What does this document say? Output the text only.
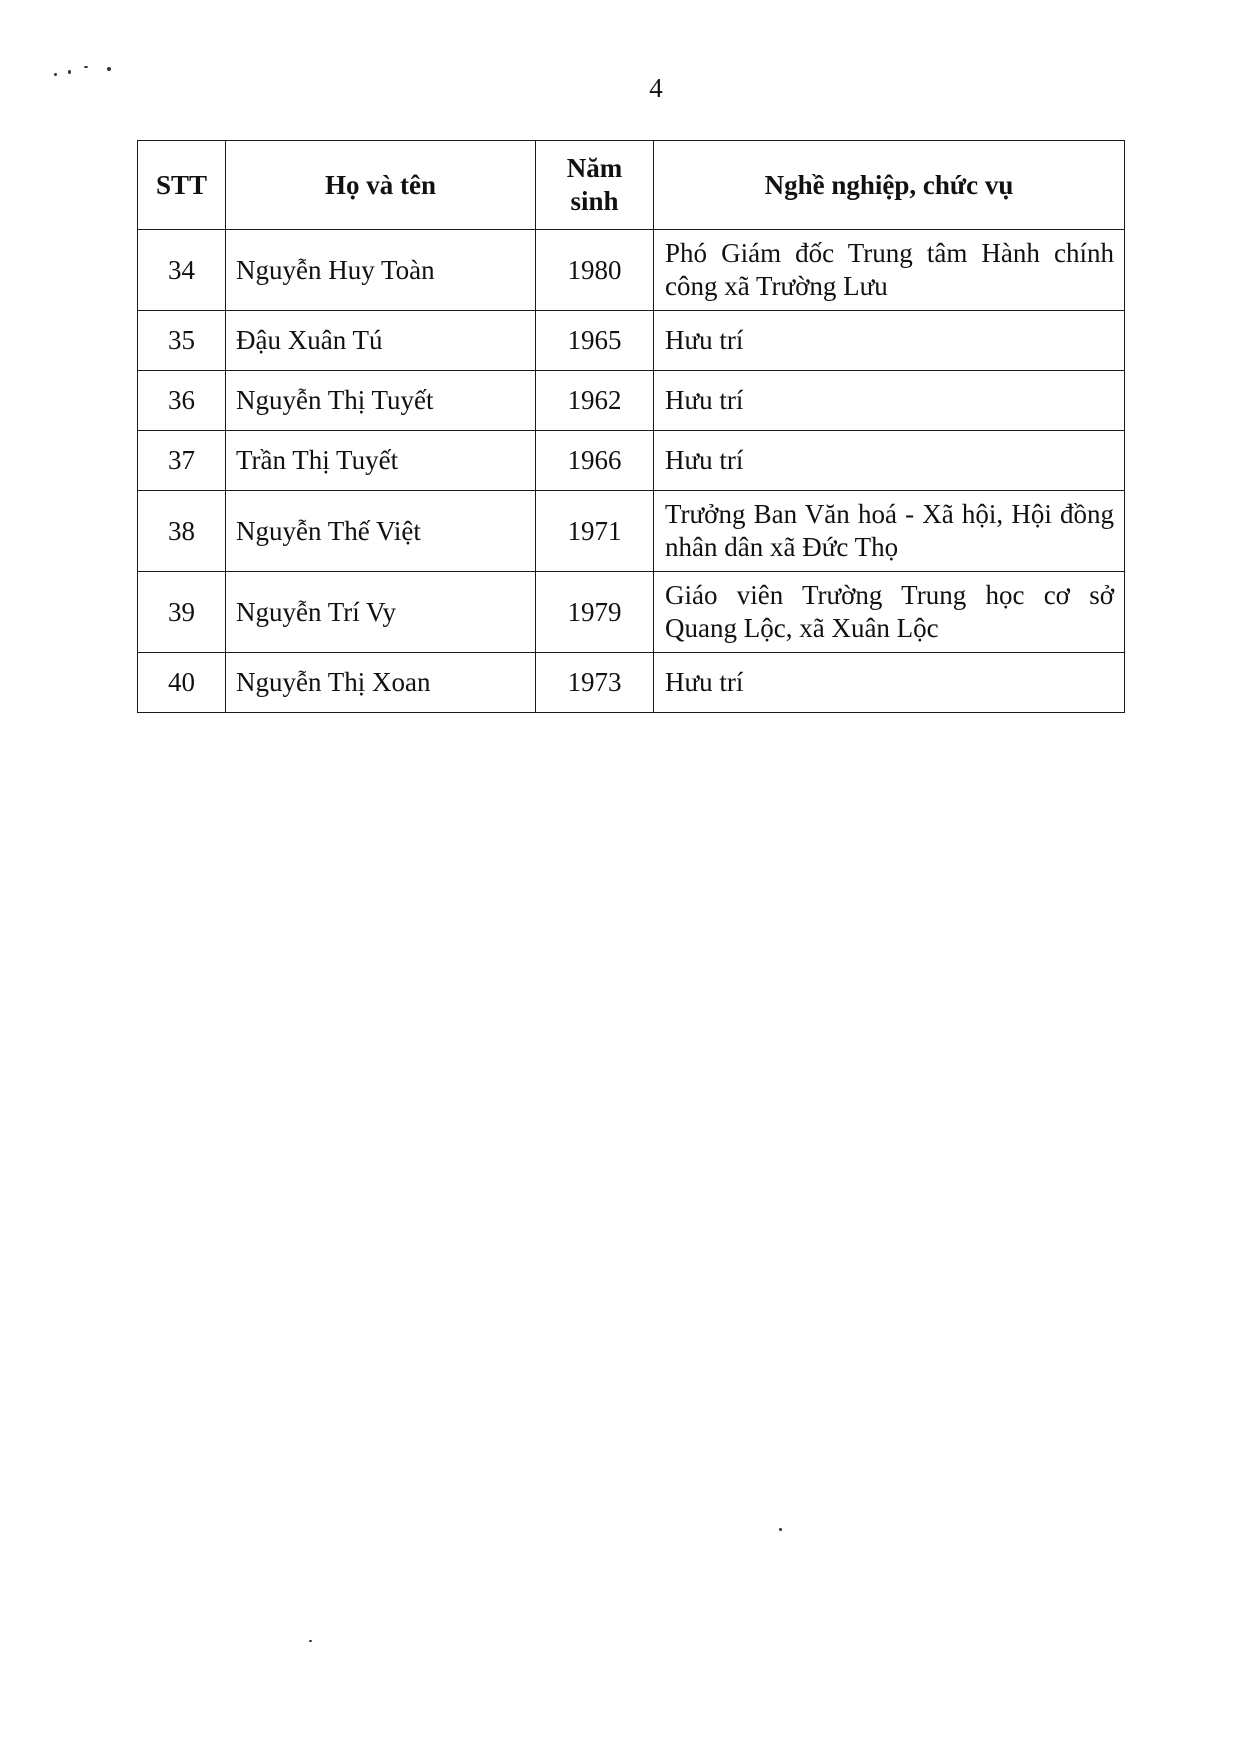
4
STT	Họ và tên	Năm sinh	Nghề nghiệp, chức vụ
34	Nguyễn Huy Toàn	1980	Phó Giám đốc Trung tâm Hành chính công xã Trường Lưu
35	Đậu Xuân Tú	1965	Hưu trí
36	Nguyễn Thị Tuyết	1962	Hưu trí
37	Trần Thị Tuyết	1966	Hưu trí
38	Nguyễn Thế Việt	1971	Trưởng Ban Văn hoá - Xã hội, Hội đồng nhân dân xã Đức Thọ
39	Nguyễn Trí Vy	1979	Giáo viên Trường Trung học cơ sở Quang Lộc, xã Xuân Lộc
40	Nguyễn Thị Xoan	1973	Hưu trí
